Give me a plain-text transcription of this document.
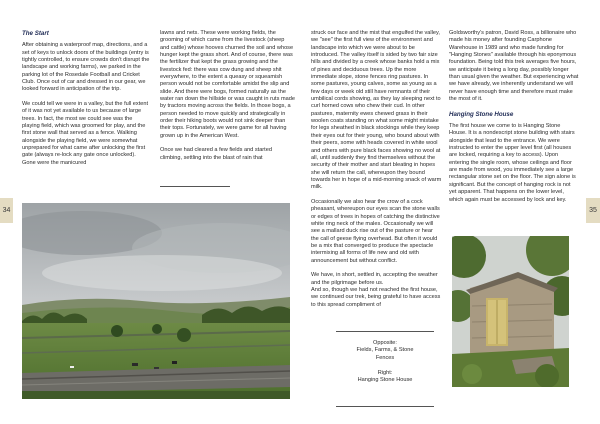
34	35
The Start

After obtaining a waterproof map, directions, and a set of keys to unlock doors of the buildings (entry is tightly controlled, to ensure crowds don't disrupt the landscape and working farms), we parked in the parking lot of the Rosedale Football and Cricket Club. Once out of car and dressed in our gear, we looked forward in anticipation of the trip.

We could tell we were in a valley, but the full extent of it was not yet available to us because of large trees. In fact, the most we could see was the playing field, which was groomed for play, and the first stone wall that served as a fence. Walking alongside the playing field, we were somewhat unprepared for what came after unlocking the first gate (always re-lock any gate once unlocked). Gone were the manicured

lawns and nets. These were working fields, the grooming of which came from the livestock (sheep and cattle) whose hooves churned the soil and whose hunger kept the grass short. And of course, there was the fertilizer that kept the grass growing and the livestock fed: there was cow dung and sheep shit everywhere, to the extent a queasy or squeamish person would not be comfortable amidst the slip and slide. And there were bogs, formed naturally as the water ran down the hillside or was caught in ruts made by tractors moving across the fields. In those bogs, a person needed to move quickly and strategically in order their hiking boots would not sink deeper than their tops. Fortunately, we were game for all having grown up in the American West.

Once we had cleared a few fields and started climbing, settling into the blast of rain that

struck our face and the mist that engulfed the valley, we "see" the first full view of the environment and landscape into which we were about to be introduced. The valley itself is sided by two fair size hills and divided by a creek whose banks hold a mix of pines and deciduous trees. Up the more immediate slope, stone fences ring pastures. In some pastures, young calves, some as young as a few days or week old still have remnants of their umbilical cords showing, as they lay sleeping next to curl horned cows who chew their cud. In other pastures, maternity ewes chewed grass in their woolen coats standing on what some might mistake for legs sheathed in black stockings while they keep their eyes out for their young, who bound about with their peers, some with heads covered in white wool and others with pure black faces showing no wool at all, until suddenly they find themselves without the security of their mother and start bleating in hopes she will return the call, whereupon they bound towards her in hope of a mid-morning snack of warm milk.

Occasionally we also hear the crow of a cock pheasant, whereupon our eyes scan the stone walls or edges of trees in hopes of catching the distinctive white ring neck of the males. Occasionally we will see a mallard duck rise out of the pasture or hear the call of geese flying overhead. But often it would be a mix that converged to produce the spectacle intermixing all forms of life new and old with announcement but without conflict.

We have, in short, settled in, accepting the weather and the pilgrimage before us.

And so, though we had not reached the first house, we continued our trek, being grateful to have access to this spread compliment of

Opposite:
Fields, Farms, & Stone
Fences
Right:
Hanging Stone House

Goldsworthy's patron, David Ross, a billionaire who made his money after founding Carphone Warehouse in 1989 and who made funding for "Hanging Stones" available through his eponymous foundation. Being told this trek averages five hours, we anticipate it being a long day, possibly longer than usual given the weather. But experiencing what we have already, we inherently understand we will never have enough time and therefore must make the most of it.

Hanging Stone House

The first house we come to is Hanging Stone House. It is a nondescript stone building with stairs alongside that lead to the entrance. We were instructed to enter the upper level first (all houses are locked, requiring a key to access). Upon entering the single room, whose ceilings and floor are made from wood, you immediately see a large rectangular stone set on the floor. The sign alone is significant. But the concept of hanging rock is not yet apparent. That happens on the lower level, which again must be accessed by lock and key.
